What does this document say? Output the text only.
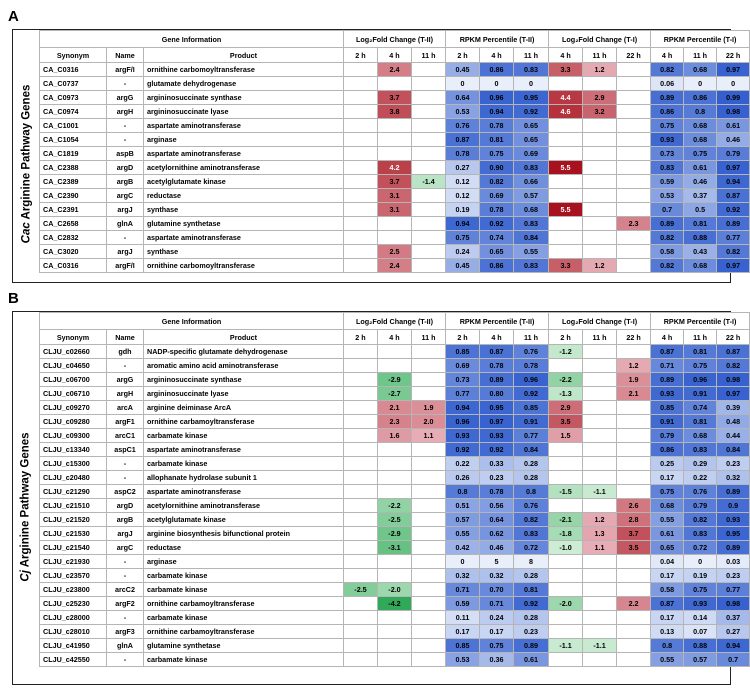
A
Cac Arginine Pathway Genes
Gene Information			Log₂Fold Change (T-II)			RPKM Percentile (T-II)			Log₂Fold Change (T-I)			RPKM Percentile (T-I)		
Synonym	Name	Product	2 h	4 h	11 h	2 h	4 h	11 h	4 h	11 h	22 h	4 h	11 h	22 h
CA_C0316	argF/I	ornithine carbomoyltransferase		2.4		0.45	0.86	0.83	3.3	1.2		0.82	0.68	0.97
CA_C0737	-	glutamate dehydrogenase				0	0	0				0.06	0	0
CA_C0973	argG	argininosuccinate synthase		3.7		0.64	0.96	0.95	4.4	2.9		0.89	0.86	0.99
CA_C0974	argH	argininosuccinate lyase		3.8		0.53	0.94	0.92	4.6	3.2		0.86	0.8	0.98
CA_C1001	-	aspartate aminotransferase				0.76	0.78	0.65				0.75	0.68	0.61
CA_C1054	-	arginase				0.87	0.81	0.65				0.93	0.68	0.46
CA_C1819	aspB	aspartate aminotransferase				0.78	0.75	0.69				0.73	0.75	0.79
CA_C2388	argD	acetylornithine aminotransferase		4.2		0.27	0.90	0.83	5.5			0.83	0.61	0.97
CA_C2389	argB	acetylglutamate kinase		3.7	-1.4	0.12	0.82	0.66				0.59	0.46	0.94
CA_C2390	argC	reductase		3.1		0.12	0.69	0.57				0.53	0.37	0.87
CA_C2391	argJ	synthase		3.1		0.19	0.78	0.68	5.5			0.7	0.5	0.92
CA_C2658	glnA	glutamine synthetase				0.94	0.92	0.83			2.3	0.89	0.81	0.89
CA_C2832	-	aspartate aminotransferase				0.75	0.74	0.84				0.82	0.88	0.77
CA_C3020	argJ	synthase		2.5		0.24	0.65	0.55				0.58	0.43	0.82
CA_C0316	argF/I	ornithine carbomoyltransferase		2.4		0.45	0.86	0.83	3.3	1.2		0.82	0.68	0.97
B
Cj Arginine Pathway Genes
Gene Information			Log₂Fold Change (T-II)			RPKM Percentile (T-II)			Log₂Fold Change (T-I)			RPKM Percentile (T-I)		
Synonym	Name	Product	2 h	4 h	11 h	2 h	4 h	11 h	2 h	11 h	22 h	4 h	11 h	22 h
CLJU_c02660	gdh	NADP-specific glutamate dehydrogenase				0.85	0.87	0.76	-1.2			0.87	0.81	0.87
CLJU_c04650	-	aromatic amino acid aminotransferase				0.69	0.78	0.78			1.2	0.71	0.75	0.82
CLJU_c06700	argG	argininosuccinate synthase		-2.9		0.73	0.89	0.96	-2.2		1.9	0.89	0.96	0.98
CLJU_c06710	argH	argininosuccinate lyase		-2.7		0.77	0.80	0.92	-1.3		2.1	0.93	0.91	0.97
CLJU_c09270	arcA	arginine deiminase ArcA		2.1	1.9	0.94	0.95	0.85	2.9			0.85	0.74	0.39
CLJU_c09280	argF1	ornithine carbamoyltransferase		2.3	2.0	0.96	0.97	0.91	3.5			0.91	0.81	0.48
CLJU_c09300	arcC1	carbamate kinase		1.6	1.1	0.93	0.93	0.77	1.5			0.79	0.68	0.44
CLJU_c13340	aspC1	aspartate aminotransferase				0.92	0.92	0.84				0.86	0.83	0.84
CLJU_c15300	-	carbamate kinase				0.22	0.33	0.28				0.25	0.29	0.23
CLJU_c20480	-	allophanate hydrolase subunit 1				0.26	0.23	0.28				0.17	0.22	0.32
CLJU_c21290	aspC2	aspartate aminotransferase				0.8	0.78	0.8	-1.5	-1.1		0.75	0.76	0.89
CLJU_c21510	argD	acetylornithine aminotransferase		-2.2		0.51	0.56	0.76			2.6	0.68	0.79	0.9
CLJU_c21520	argB	acetylglutamate kinase		-2.5		0.57	0.64	0.82	-2.1	1.2	2.8	0.55	0.82	0.93
CLJU_c21530	argJ	arginine biosynthesis bifunctional protein		-2.9		0.55	0.62	0.83	-1.8	1.3	3.7	0.61	0.83	0.95
CLJU_c21540	argC	reductase		-3.1		0.42	0.46	0.72	-1.0	1.1	3.5	0.65	0.72	0.89
CLJU_c21930	-	arginase				0	5	8				0.04	0	0.03
CLJU_c23570	-	carbamate kinase				0.32	0.32	0.28				0.17	0.19	0.23
CLJU_c23800	arcC2	carbamate kinase	-2.5	-2.0		0.71	0.70	0.81				0.58	0.75	0.77
CLJU_c25230	argF2	ornithine carbamoyltransferase		-4.2		0.59	0.71	0.92	-2.0		2.2	0.87	0.93	0.98
CLJU_c28000	-	carbamate kinase				0.11	0.24	0.28				0.17	0.14	0.37
CLJU_c28010	argF3	ornithine carbamoyltransferase				0.17	0.17	0.23				0.13	0.07	0.27
CLJU_c41950	glnA	glutamine synthetase				0.85	0.75	0.89	-1.1	-1.1		0.8	0.88	0.94
CLJU_c42550	-	carbamate kinase				0.53	0.36	0.61				0.55	0.57	0.7
